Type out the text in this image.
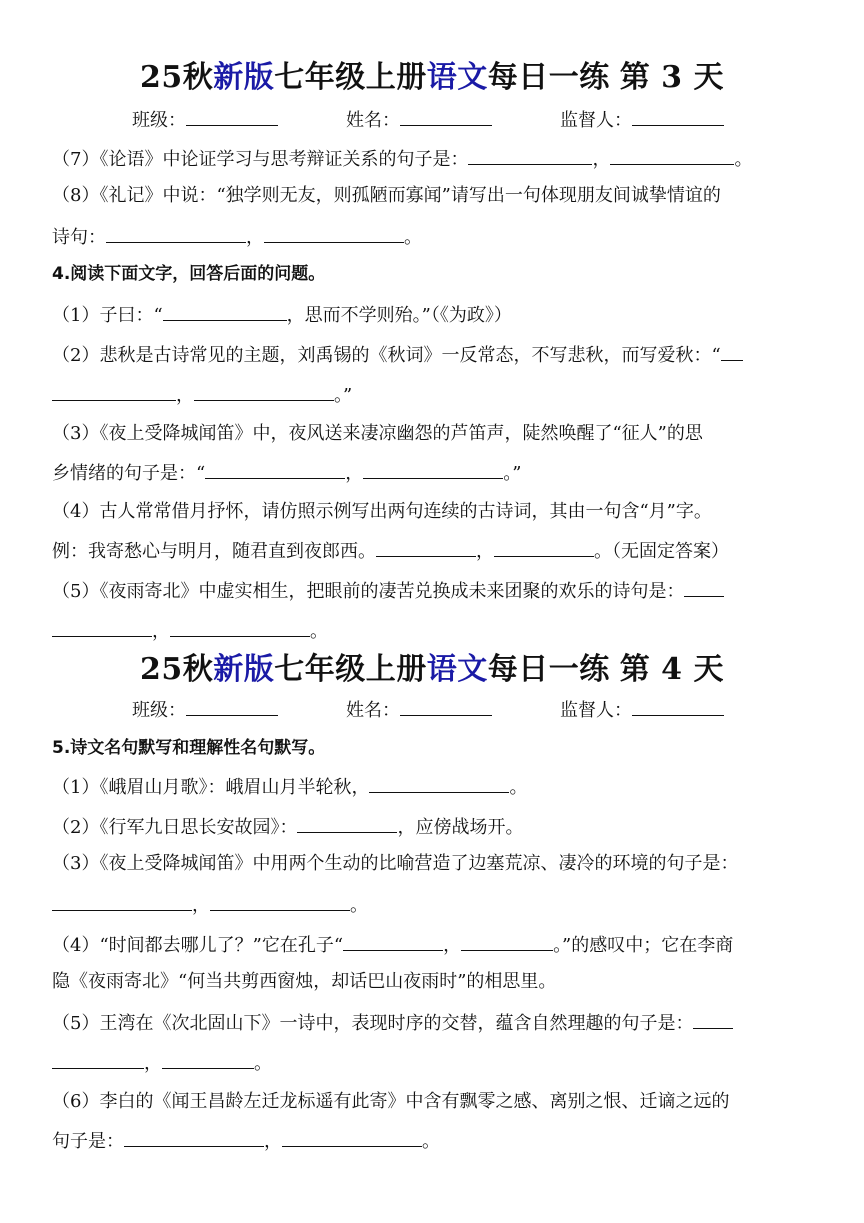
25秋新版七年级上册语文每日一练 第 3 天
班级：	姓名：	监督人：
（7）《论语》中论证学习与思考辩证关系的句子是：	，	。
（8）《礼记》中说：“独学则无友，则孤陋而寡闻”请写出一句体现朋友间诚挚情谊的
诗句：	，	。
4.阅读下面文字，回答后面的问题。
（1）子曰：“	，思而不学则殆。”（《为政》）
（2）悲秋是古诗常见的主题，刘禹锡的《秋词》一反常态，不写悲秋，而写爱秋：“
，	。”
（3）《夜上受降城闻笛》中，夜风送来凄凉幽怨的芦笛声，陡然唤醒了“征人”的思
乡情绪的句子是：“	，	。”
（4）古人常常借月抒怀，请仿照示例写出两句连续的古诗词，其由一句含“月”字。
例：我寄愁心与明月，随君直到夜郎西。	，	。（无固定答案）
（5）《夜雨寄北》中虚实相生，把眼前的凄苦兑换成未来团聚的欢乐的诗句是：
，	。
25秋新版七年级上册语文每日一练 第 4 天
班级：	姓名：	监督人：
5.诗文名句默写和理解性名句默写。
（1）《峨眉山月歌》：峨眉山月半轮秋，	。
（2）《行军九日思长安故园》：	，应傍战场开。
（3）《夜上受降城闻笛》中用两个生动的比喻营造了边塞荒凉、凄冷的环境的句子是：
，	。
（4）“时间都去哪儿了？”它在孔子“	，	。”的感叹中；它在李商
隐《夜雨寄北》“何当共剪西窗烛，却话巴山夜雨时”的相思里。
（5）王湾在《次北固山下》一诗中，表现时序的交替，蕴含自然理趣的句子是：
，	。
（6）李白的《闻王昌龄左迁龙标遥有此寄》中含有飘零之感、离别之恨、迁谪之远的
句子是：	，	。
